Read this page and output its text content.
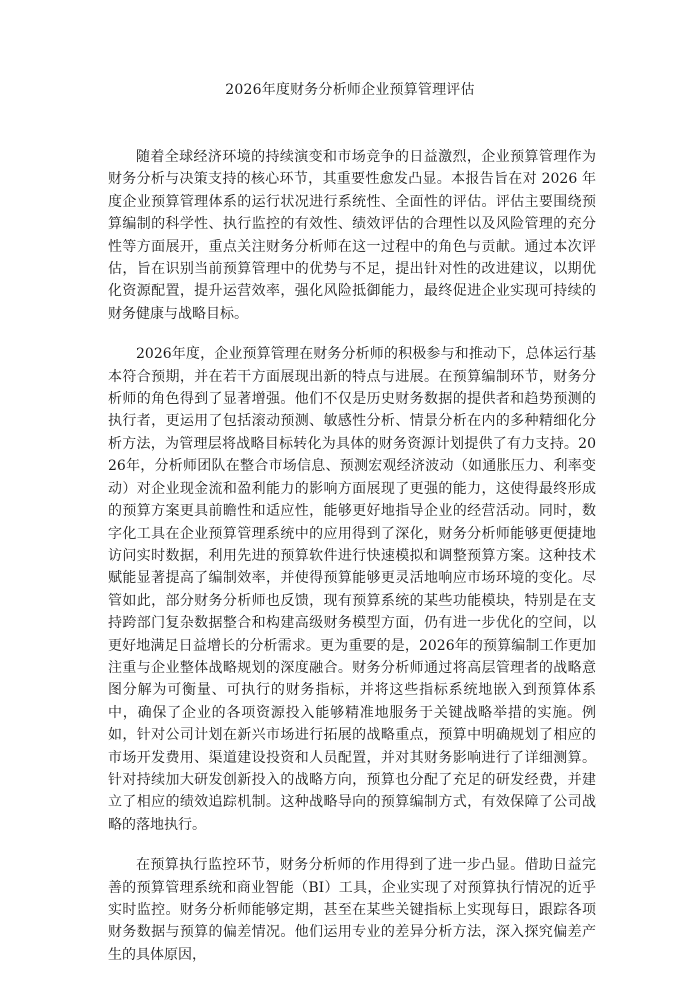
2026年度财务分析师企业预算管理评估

随着全球经济环境的持续演变和市场竞争的日益激烈，企业预算管理作为财务分析与决策支持的核心环节，其重要性愈发凸显。本报告旨在对 2026 年度企业预算管理体系的运行状况进行系统性、全面性的评估。评估主要围绕预算编制的科学性、执行监控的有效性、绩效评估的合理性以及风险管理的充分性等方面展开，重点关注财务分析师在这一过程中的角色与贡献。通过本次评估，旨在识别当前预算管理中的优势与不足，提出针对性的改进建议，以期优化资源配置，提升运营效率，强化风险抵御能力，最终促进企业实现可持续的财务健康与战略目标。

2026年度，企业预算管理在财务分析师的积极参与和推动下，总体运行基本符合预期，并在若干方面展现出新的特点与进展。在预算编制环节，财务分析师的角色得到了显著增强。他们不仅是历史财务数据的提供者和趋势预测的执行者，更运用了包括滚动预测、敏感性分析、情景分析在内的多种精细化分析方法，为管理层将战略目标转化为具体的财务资源计划提供了有力支持。2026年，分析师团队在整合市场信息、预测宏观经济波动（如通胀压力、利率变动）对企业现金流和盈利能力的影响方面展现了更强的能力，这使得最终形成的预算方案更具前瞻性和适应性，能够更好地指导企业的经营活动。同时，数字化工具在企业预算管理系统中的应用得到了深化，财务分析师能够更便捷地访问实时数据，利用先进的预算软件进行快速模拟和调整预算方案。这种技术赋能显著提高了编制效率，并使得预算能够更灵活地响应市场环境的变化。尽管如此，部分财务分析师也反馈，现有预算系统的某些功能模块，特别是在支持跨部门复杂数据整合和构建高级财务模型方面，仍有进一步优化的空间，以更好地满足日益增长的分析需求。更为重要的是，2026年的预算编制工作更加注重与企业整体战略规划的深度融合。财务分析师通过将高层管理者的战略意图分解为可衡量、可执行的财务指标，并将这些指标系统地嵌入到预算体系中，确保了企业的各项资源投入能够精准地服务于关键战略举措的实施。例如，针对公司计划在新兴市场进行拓展的战略重点，预算中明确规划了相应的市场开发费用、渠道建设投资和人员配置，并对其财务影响进行了详细测算。针对持续加大研发创新投入的战略方向，预算也分配了充足的研发经费，并建立了相应的绩效追踪机制。这种战略导向的预算编制方式，有效保障了公司战略的落地执行。

在预算执行监控环节，财务分析师的作用得到了进一步凸显。借助日益完善的预算管理系统和商业智能（BI）工具，企业实现了对预算执行情况的近乎实时监控。财务分析师能够定期，甚至在某些关键指标上实现每日，跟踪各项财务数据与预算的偏差情况。他们运用专业的差异分析方法，深入探究偏差产生的具体原因，
